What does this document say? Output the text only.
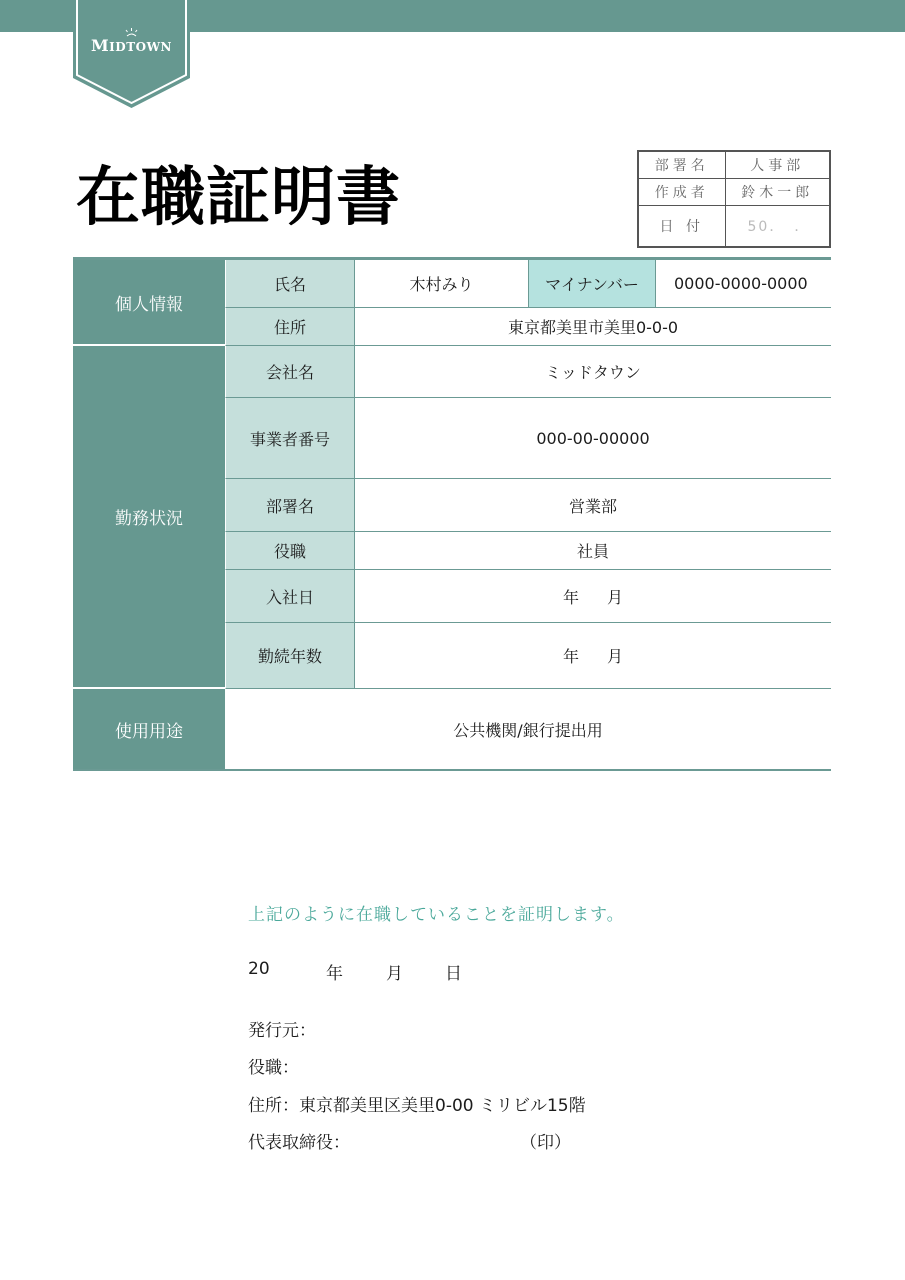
MIDTOWN
在職証明書	部署名	人事部
作成者	鈴木一郎
日 付	50．　．
個人情報
氏名	木村みり	マイナンバー	0000-0000-0000
住所	東京都美里市美里0-0-0
勤務状況
会社名	ミッドタウン
事業者番号	000-00-00000
部署名	営業部
役職	社員
入社日	年 月
勤続年数	年 月
使用用途	公共機関/銀行提出用
上記のように在職していることを証明します。
20	年	月 日
発行元：
役職：
住所：東京都美里区美里0-00 ミリビル15階
代表取締役：	（印）
